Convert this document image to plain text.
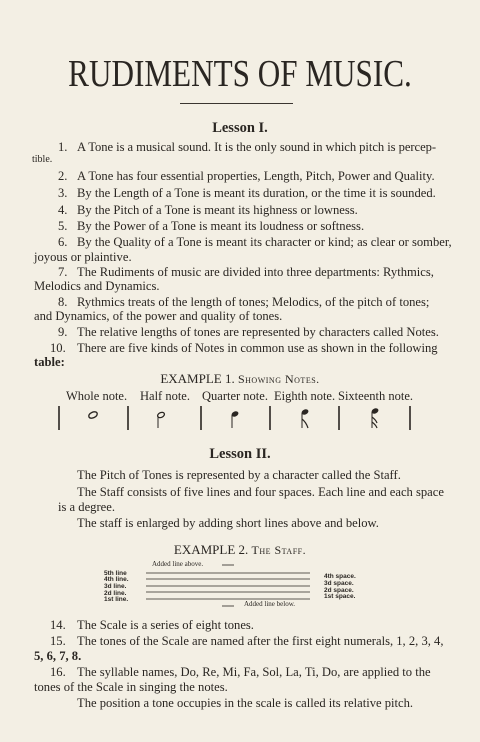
RUDIMENTS OF MUSIC.
Lesson I.
1. A Tone is a musical sound. It is the only sound in which pitch is percep-
tible.
2. A Tone has four essential properties, Length, Pitch, Power and Quality.
3. By the Length of a Tone is meant its duration, or the time it is sounded.
4. By the Pitch of a Tone is meant its highness or lowness.
5. By the Power of a Tone is meant its loudness or softness.
6. By the Quality of a Tone is meant its character or kind; as clear or somber,
joyous or plaintive.
7. The Rudiments of music are divided into three departments: Rythmics,
Melodics and Dynamics.
8. Rythmics treats of the length of tones; Melodics, of the pitch of tones;
and Dynamics, of the power and quality of tones.
9. The relative lengths of tones are represented by characters called Notes.
10. There are five kinds of Notes in common use as shown in the following
table:
EXAMPLE 1. Showing Notes.
Whole note. Half note. Quarter note. Eighth note. Sixteenth note.
Lesson II.
The Pitch of Tones is represented by a character called the Staff.
The Staff consists of five lines and four spaces. Each line and each space
is a degree.
The staff is enlarged by adding short lines above and below.
EXAMPLE 2. The Staff.
Added line above.
Added line below.
5th line
4th line.
3d line.
2d line.
1st line.
4th space.
3d space.
2d space.
1st space.
14. The Scale is a series of eight tones.
15. The tones of the Scale are named after the first eight numerals, 1, 2, 3, 4,
5, 6, 7, 8.
16. The syllable names, Do, Re, Mi, Fa, Sol, La, Ti, Do, are applied to the
tones of the Scale in singing the notes.
The position a tone occupies in the scale is called its relative pitch.
